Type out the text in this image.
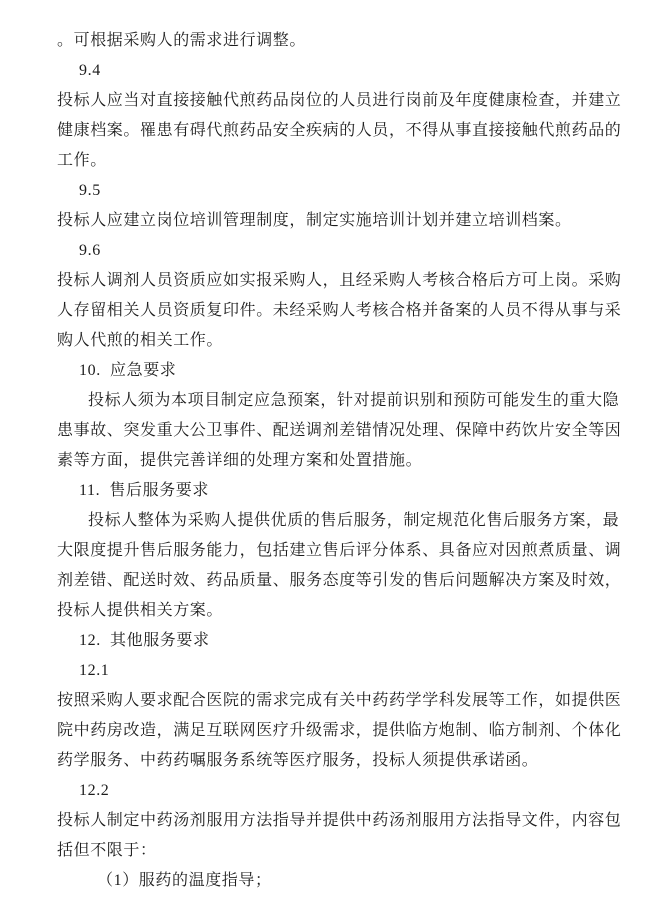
。可根据采购人的需求进行调整。
9.4
投标人应当对直接接触代煎药品岗位的人员进行岗前及年度健康检查，并建立
健康档案。罹患有碍代煎药品安全疾病的人员，不得从事直接接触代煎药品的
工作。
9.5
投标人应建立岗位培训管理制度，制定实施培训计划并建立培训档案。
9.6
投标人调剂人员资质应如实报采购人，且经采购人考核合格后方可上岗。采购
人存留相关人员资质复印件。未经采购人考核合格并备案的人员不得从事与采
购人代煎的相关工作。
10.  应急要求
投标人须为本项目制定应急预案，针对提前识别和预防可能发生的重大隐
患事故、突发重大公卫事件、配送调剂差错情况处理、保障中药饮片安全等因
素等方面，提供完善详细的处理方案和处置措施。
11.  售后服务要求
投标人整体为采购人提供优质的售后服务，制定规范化售后服务方案，最
大限度提升售后服务能力，包括建立售后评分体系、具备应对因煎煮质量、调
剂差错、配送时效、药品质量、服务态度等引发的售后问题解决方案及时效，
投标人提供相关方案。
12.  其他服务要求
12.1
按照采购人要求配合医院的需求完成有关中药药学学科发展等工作，如提供医
院中药房改造，满足互联网医疗升级需求，提供临方炮制、临方制剂、个体化
药学服务、中药药嘱服务系统等医疗服务，投标人须提供承诺函。
12.2
投标人制定中药汤剂服用方法指导并提供中药汤剂服用方法指导文件，内容包
括但不限于：
（1）服药的温度指导；
